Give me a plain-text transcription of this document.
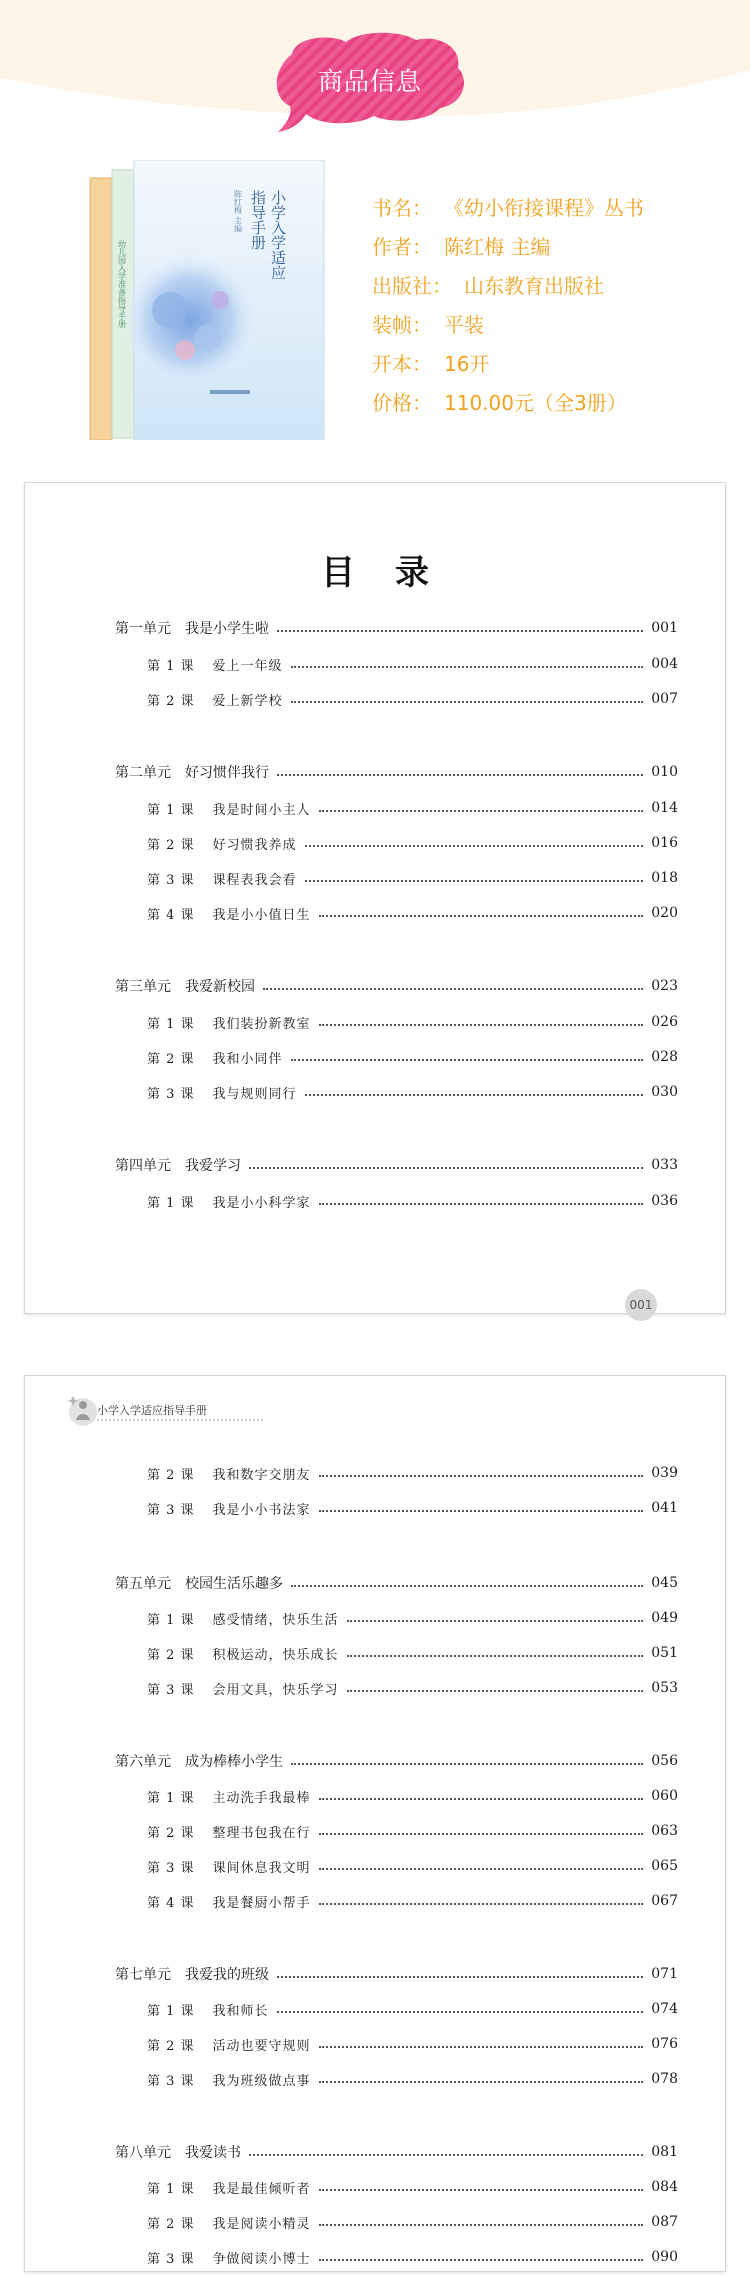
商品信息
小学入学适应
指导手册
陈红梅 主编
幼儿园入学准备指导手册
书名： 《幼小衔接课程》丛书
作者： 陈红梅 主编
出版社： 山东教育出版社
装帧： 平装
开本： 16开
价格： 110.00元（全3册）
目录
第一单元 我是小学生啦	001
第 1 课 爱上一年级	004
第 2 课 爱上新学校	007
第二单元 好习惯伴我行	010
第 1 课 我是时间小主人	014
第 2 课 好习惯我养成	016
第 3 课 课程表我会看	018
第 4 课 我是小小值日生	020
第三单元 我爱新校园	023
第 1 课 我们装扮新教室	026
第 2 课 我和小同伴	028
第 3 课 我与规则同行	030
第四单元 我爱学习	033
第 1 课 我是小小科学家	036
001
小学入学适应指导手册
第 2 课 我和数字交朋友	039
第 3 课 我是小小书法家	041
第五单元 校园生活乐趣多	045
第 1 课 感受情绪，快乐生活	049
第 2 课 积极运动，快乐成长	051
第 3 课 会用文具，快乐学习	053
第六单元 成为棒棒小学生	056
第 1 课 主动洗手我最棒	060
第 2 课 整理书包我在行	063
第 3 课 课间休息我文明	065
第 4 课 我是餐厨小帮手	067
第七单元 我爱我的班级	071
第 1 课 我和师长	074
第 2 课 活动也要守规则	076
第 3 课 我为班级做点事	078
第八单元 我爱读书	081
第 1 课 我是最佳倾听者	084
第 2 课 我是阅读小精灵	087
第 3 课 争做阅读小博士	090
